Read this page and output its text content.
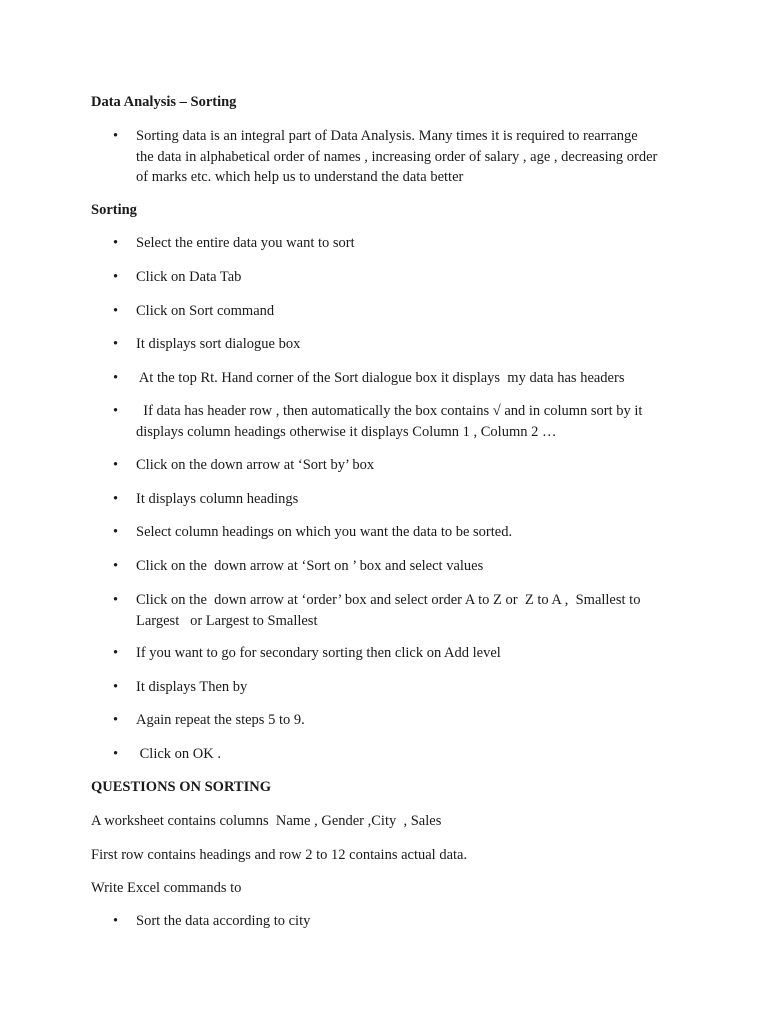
Data Analysis – Sorting
• Sorting data is an integral part of Data Analysis. Many times it is required to rearrange
the data in alphabetical order of names , increasing order of salary , age , decreasing order
of marks etc. which help us to understand the data better
Sorting
• Select the entire data you want to sort
• Click on Data Tab
• Click on Sort command
• It displays sort dialogue box
• At the top Rt. Hand corner of the Sort dialogue box it displays  my data has headers
• If data has header row , then automatically the box contains √ and in column sort by it
displays column headings otherwise it displays Column 1 , Column 2 …
• Click on the down arrow at ‘Sort by’ box
• It displays column headings
• Select column headings on which you want the data to be sorted.
• Click on the  down arrow at ‘Sort on ’ box and select values
• Click on the  down arrow at ‘order’ box and select order A to Z or  Z to A ,  Smallest to
Largest   or Largest to Smallest
• If you want to go for secondary sorting then click on Add level
• It displays Then by
• Again repeat the steps 5 to 9.
• Click on OK .
QUESTIONS ON SORTING
A worksheet contains columns  Name , Gender ,City  , Sales
First row contains headings and row 2 to 12 contains actual data.
Write Excel commands to
• Sort the data according to city
